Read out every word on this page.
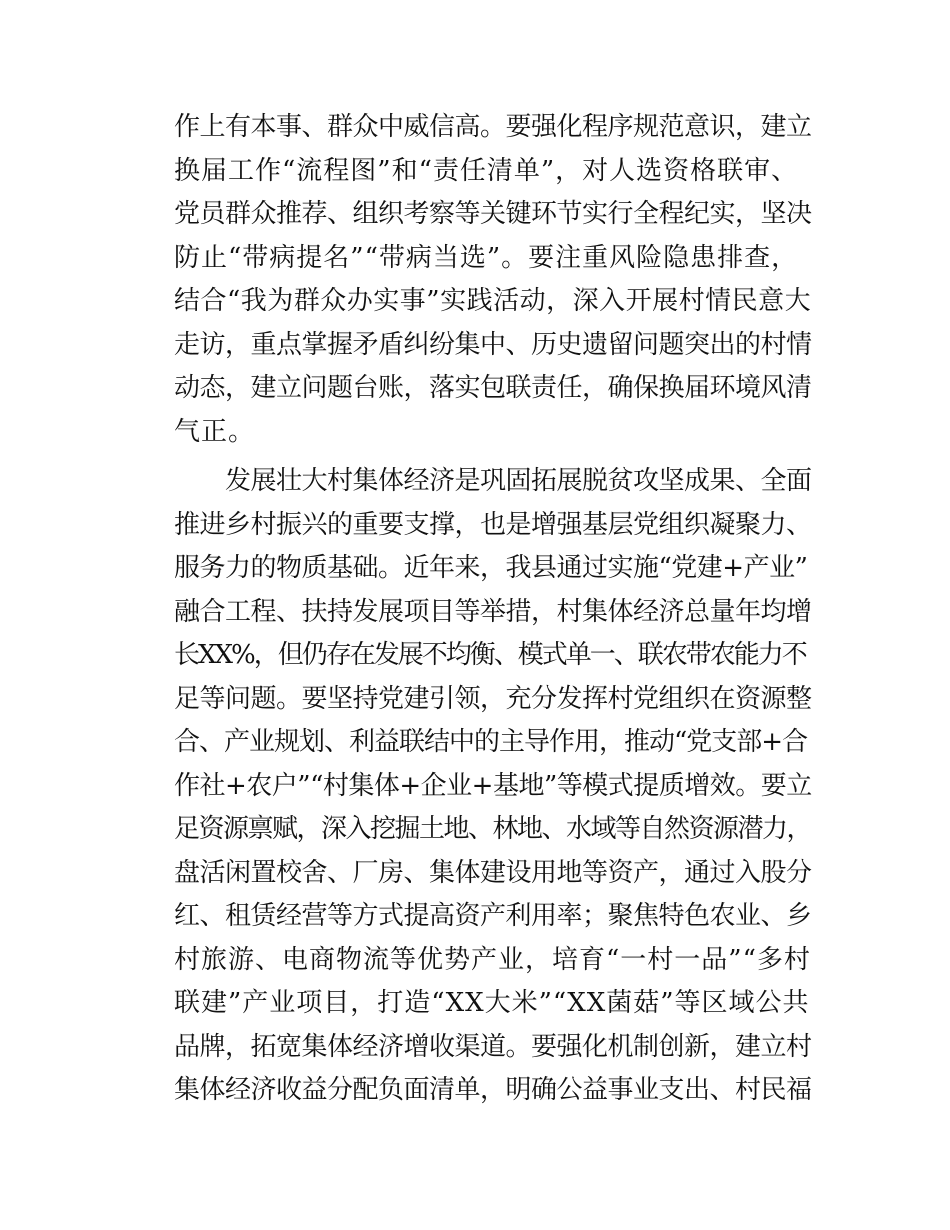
作上有本事、群众中威信高。要强化程序规范意识，建立
换届工作“流程图”和“责任清单”，对人选资格联审、
党员群众推荐、组织考察等关键环节实行全程纪实，坚决
防止“带病提名”“带病当选”。要注重风险隐患排查，
结合“我为群众办实事”实践活动，深入开展村情民意大
走访，重点掌握矛盾纠纷集中、历史遗留问题突出的村情
动态，建立问题台账，落实包联责任，确保换届环境风清
气正。
　　发展壮大村集体经济是巩固拓展脱贫攻坚成果、全面
推进乡村振兴的重要支撑，也是增强基层党组织凝聚力、
服务力的物质基础。近年来，我县通过实施“党建+产业”
融合工程、扶持发展项目等举措，村集体经济总量年均增
长XX%，但仍存在发展不均衡、模式单一、联农带农能力不
足等问题。要坚持党建引领，充分发挥村党组织在资源整
合、产业规划、利益联结中的主导作用，推动“党支部+合
作社+农户”“村集体+企业+基地”等模式提质增效。要立
足资源禀赋，深入挖掘土地、林地、水域等自然资源潜力，
盘活闲置校舍、厂房、集体建设用地等资产，通过入股分
红、租赁经营等方式提高资产利用率；聚焦特色农业、乡
村旅游、电商物流等优势产业，培育“一村一品”“多村
联建”产业项目，打造“XX大米”“XX菌菇”等区域公共
品牌，拓宽集体经济增收渠道。要强化机制创新，建立村
集体经济收益分配负面清单，明确公益事业支出、村民福
